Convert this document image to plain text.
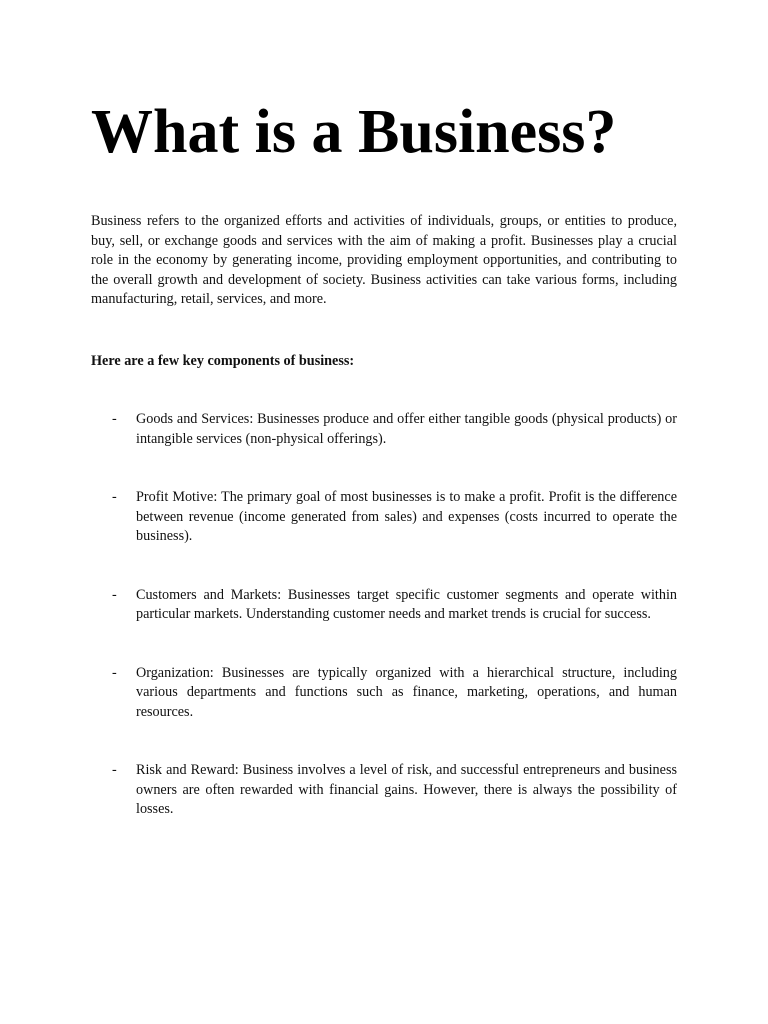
What is a Business?

Business refers to the organized efforts and activities of individuals, groups, or entities to produce, buy, sell, or exchange goods and services with the aim of making a profit. Businesses play a crucial role in the economy by generating income, providing employment opportunities, and contributing to the overall growth and development of society. Business activities can take various forms, including manufacturing, retail, services, and more.

Here are a few key components of business:

- Goods and Services: Businesses produce and offer either tangible goods (physical products) or intangible services (non-physical offerings).
- Profit Motive: The primary goal of most businesses is to make a profit. Profit is the difference between revenue (income generated from sales) and expenses (costs incurred to operate the business).
- Customers and Markets: Businesses target specific customer segments and operate within particular markets. Understanding customer needs and market trends is crucial for success.
- Organization: Businesses are typically organized with a hierarchical structure, including various departments and functions such as finance, marketing, operations, and human resources.
- Risk and Reward: Business involves a level of risk, and successful entrepreneurs and business owners are often rewarded with financial gains. However, there is always the possibility of losses.
